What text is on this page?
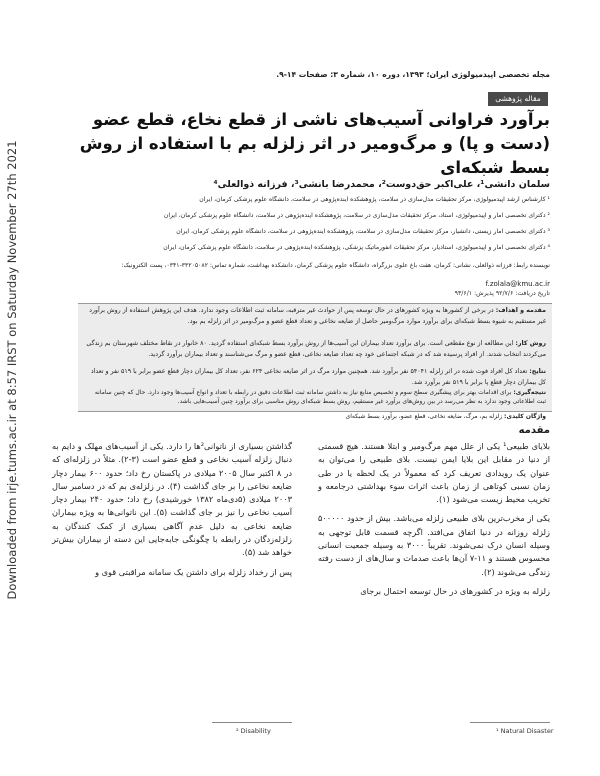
Downloaded from irje.tums.ac.ir at 8:57 IRST on Saturday November 27th 2021
مجله تخصصی اپیدمیولوژی ایران؛ ۱۳۹۳، دوره ۱۰، شماره ۳: صفحات ۱۴-۹.
مقاله پژوهشی
برآورد فراوانی آسیب‌های ناشی از قطع نخاع، قطع عضو (دست و پا) و مرگ‌ومیر در اثر زلزله بم با استفاده از روش بسط شبکه‌ای
سلمان دانشی¹، علی‌اکبر حق‌دوست²، محمدرضا بانشی³، فرزانه ذوالعلی⁴
¹ کارشناس ارشد اپیدمیولوژی، مرکز تحقیقات مدل‌سازی در سلامت، پژوهشکده آینده‌پژوهی در سلامت، دانشگاه علوم پزشکی کرمان، ایران
² دکترای تخصصی آمار و اپیدمیولوژی، استاد، مرکز تحقیقات مدل‌سازی در سلامت، پژوهشکده آینده‌پژوهی در سلامت، دانشگاه علوم پزشکی کرمان، ایران
³ دکترای تخصصی آمار زیستی، دانشیار، مرکز تحقیقات مدل‌سازی در سلامت، پژوهشکده آینده‌پژوهی در سلامت، دانشگاه علوم پزشکی کرمان، ایران
⁴ دکترای تخصصی آمار و اپیدمیولوژی، استادیار، مرکز تحقیقات انفورماتیک پزشکی، پژوهشکده آینده‌پژوهی در سلامت، دانشگاه علوم پزشکی کرمان، ایران
نویسنده رابط: فرزانه ذوالعلی، نشانی: کرمان، هفت باغ علوی بزرگراه، دانشگاه علوم پزشکی کرمان، دانشکده بهداشت، شماره تماس: ۳۳۲۰۵۰۸۲-۰۳۴۱، پست الکترونیک:
f.zolala@kmu.ac.ir
تاریخ دریافت: ۹۲/۷/۶ پذیرش: ۹۳/۶/۱
مقدمه و اهداف: در برخی از کشورها به ویژه کشورهای در حال توسعه پس از حوادث غیر مترقبه، سامانه ثبت اطلاعات وجود ندارد. هدف این پژوهش استفاده از روش برآورد غیر مستقیم به شیوه بسط شبکه‌ای برای برآورد موارد مرگ‌ومیر حاصل از ضایعه نخاعی و تعداد قطع عضو و مرگ‌ومیر در اثر زلزله بم بود.
روش کار: این مطالعه از نوع مقطعی است. برای برآورد تعداد بیماران این آسیب‌ها از روش برآورد بسط شبکه‌ای استفاده گردید. ۸۰ خانوار در نقاط مختلف شهرستان بم زندگی می‌کردند انتخاب شدند. از افراد پرسیده شد که در شبکه اجتماعی خود چه تعداد ضایعه نخاعی، قطع عضو و مرگ می‌شناسند و تعداد بیماران برآورد گردید.
نتایج: تعداد کل افراد فوت شده در اثر زلزله ۵۴۰۴۱ نفر برآورد شد. همچنین موارد مرگ در اثر ضایعه نخاعی ۶۲۴ نفر، تعداد کل بیماران دچار قطع عضو برابر با ۵۱۹ نفر و تعداد کل بیماران دچار قطع پا برابر با ۵۱۹ نفر برآورد شد.
نتیجه‌گیری: برای اقدامات بهتر برای پیشگیری سطح سوم و تخصیص منابع نیاز به داشتن سامانه ثبت اطلاعات دقیق در رابطه با تعداد و انواع آسیب‌ها وجود دارد. حال که چنین سامانه ثبت اطلاعاتی وجود ندارد به نظر می‌رسد در بین روش‌های برآورد غیر مستقیم، روش بسط شبکه‌ای روش مناسبی برای برآورد چنین آسیب‌هایی باشد.
واژگان کلیدی: زلزله بم، مرگ، ضایعه نخاعی، قطع عضو، برآورد بسط شبکه‌ای
مقدمه

بلایای طبیعی¹ یکی از علل مهم مرگ‌ومیر و ابتلا هستند. هیچ قسمتی از دنیا در مقابل این بلایا ایمن نیست. بلای طبیعی را می‌توان به عنوان یک رویدادی تعریف کرد که معمولاً در یک لحظه یا در طی زمان نسبی کوتاهی از زمان باعث اثرات سوء بهداشتی درجامعه و تخریب محیط زیست می‌شود (۱).

یکی از مخرب‌ترین بلای طبیعی زلزله می‌باشد. بیش از حدود ۵۰۰۰۰۰ زلزله روزانه در دنیا اتفاق می‌افتد. اگرچه قسمت قابل توجهی به وسیله انسان درک نمی‌شوند. تقریباً ۳۰۰۰ به وسیله جمعیت انسانی محسوس هستند و ۱۱-۷ آن‌ها باعث صدمات و سال‌های از دست رفته زندگی می‌شوند (۲).

زلزله به ویژه در کشورهای در حال توسعه احتمال برجای

گذاشتن بسیاری از ناتوانی²ها را دارد. یکی از آسیب‌های مهلک و دایم به دنبال زلزله آسیب نخاعی و قطع عضو است (۳-۲). مثلاً در زلزله‌ای که در ۸ اکتبر سال ۲۰۰۵ میلادی در پاکستان رخ داد؛ حدود ۶۰۰ بیمار دچار ضایعه نخاعی را بر جای گذاشت (۴). در زلزله‌ی بم که در دسامبر سال ۲۰۰۳ میلادی (۵دی‌ماه ۱۳۸۲ خورشیدی) رخ داد؛ حدود ۲۴۰ بیمار دچار آسیب نخاعی را نیز بر جای گذاشت (۵). این ناتوانی‌ها به ویژه بیماران ضایعه نخاعی به دلیل عدم آگاهی بسیاری از کمک کنندگان به زلزله‌زدگان در رابطه با چگونگی جابه‌جایی این دسته از بیماران بیش‌تر خواهد شد (۵).

پس از رخداد زلزله برای داشتن یک سامانه مراقبتی قوی و

¹ Natural Disaster
² Disability
